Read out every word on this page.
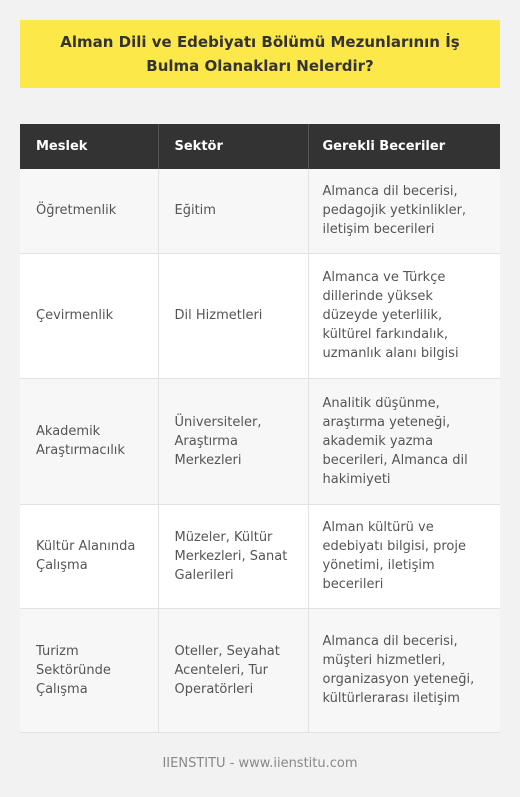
Alman Dili ve Edebiyatı Bölümü Mezunlarının İş Bulma Olanakları Nelerdir?
Meslek	Sektör	Gerekli Beceriler
Öğretmenlik	Eğitim	Almanca dil becerisi, pedagojik yetkinlikler, iletişim becerileri
Çevirmenlik	Dil Hizmetleri	Almanca ve Türkçe dillerinde yüksek düzeyde yeterlilik, kültürel farkındalık, uzmanlık alanı bilgisi
Akademik Araştırmacılık	Üniversiteler, Araştırma Merkezleri	Analitik düşünme, araştırma yeteneği, akademik yazma becerileri, Almanca dil hakimiyeti
Kültür Alanında Çalışma	Müzeler, Kültür Merkezleri, Sanat Galerileri	Alman kültürü ve edebiyatı bilgisi, proje yönetimi, iletişim becerileri
Turizm Sektöründe Çalışma	Oteller, Seyahat Acenteleri, Tur Operatörleri	Almanca dil becerisi, müşteri hizmetleri, organizasyon yeteneği, kültürlerarası iletişim
IIENSTITU - www.iienstitu.com
